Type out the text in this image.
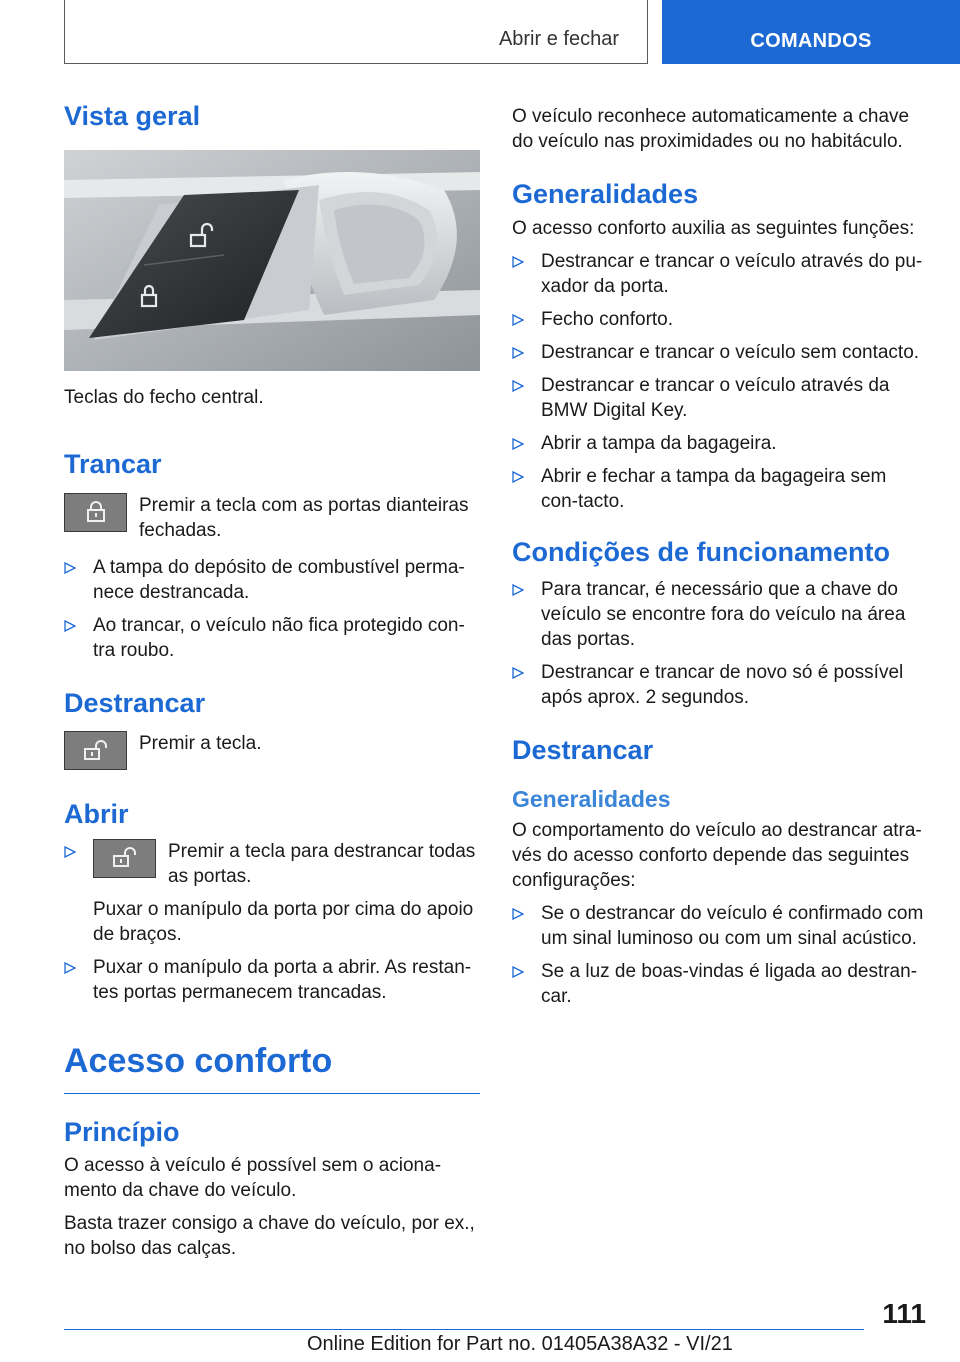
Abrir e fechar	COMANDOS
Vista geral

Teclas do fecho central.

Trancar

Premir a tecla com as portas dianteiras fechadas.

A tampa do depósito de combustível perma-nece destrancada.
Ao trancar, o veículo não fica protegido con-tra roubo.
Destrancar

Premir a tecla.

Abrir
Premir a tecla para destrancar todas as portas.

Puxar o manípulo da porta por cima do apoio de braços.

Puxar o manípulo da porta a abrir. As restan-tes portas permanecem trancadas.
Acesso conforto
Princípio

O acesso à veículo é possível sem o aciona-mento da chave do veículo.

Basta trazer consigo a chave do veículo, por ex., no bolso das calças.

O veículo reconhece automaticamente a chave do veículo nas proximidades ou no habitáculo.

Generalidades

O acesso conforto auxilia as seguintes funções:

Destrancar e trancar o veículo através do pu-xador da porta.
Fecho conforto.
Destrancar e trancar o veículo sem contacto.
Destrancar e trancar o veículo através da BMW Digital Key.
Abrir a tampa da bagageira.
Abrir e fechar a tampa da bagageira sem con-tacto.
Condições de funcionamento
Para trancar, é necessário que a chave do veículo se encontre fora do veículo na área das portas.
Destrancar e trancar de novo só é possível após aprox. 2 segundos.
Destrancar
Generalidades

O comportamento do veículo ao destrancar atra-vés do acesso conforto depende das seguintes configurações:

Se o destrancar do veículo é confirmado com um sinal luminoso ou com um sinal acústico.
Se a luz de boas-vindas é ligada ao destran-car.
111
Online Edition for Part no. 01405A38A32 - VI/21
